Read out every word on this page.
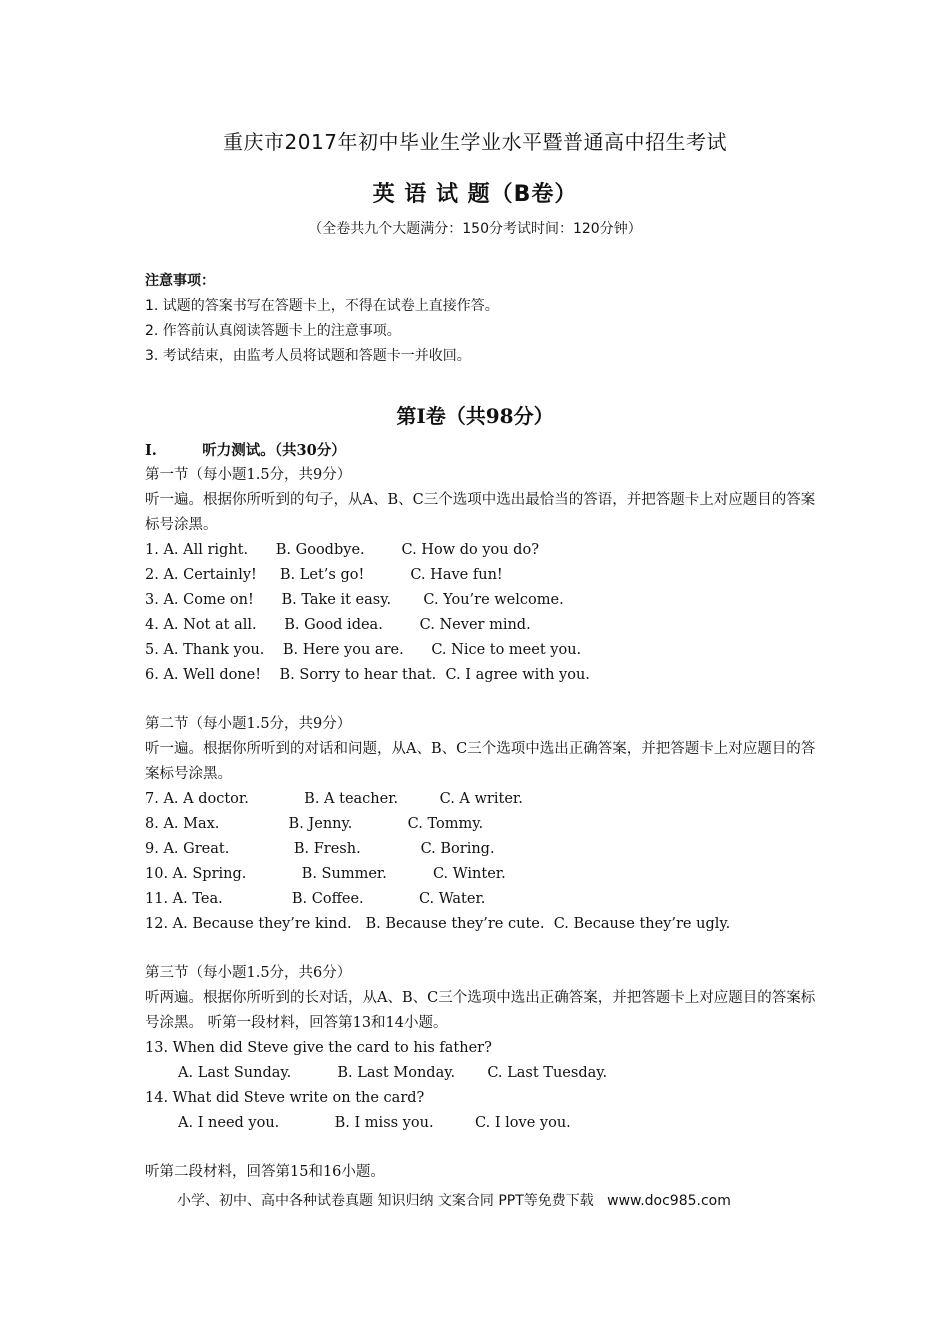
重庆市2017年初中毕业生学业水平暨普通高中招生考试
英 语 试 题（B卷）
（全卷共九个大题满分：150分考试时间：120分钟）
注意事项：
1. 试题的答案书写在答题卡上，不得在试卷上直接作答。
2. 作答前认真阅读答题卡上的注意事项。
3. 考试结束，由监考人员将试题和答题卡一并收回。
第I卷（共98分）
I.         听力测试。（共30分）
第一节（每小题1.5分，共9分）
听一遍。根据你所听到的句子，从A、B、C三个选项中选出最恰当的答语，并把答题卡上对应题目的答案标号涂黑。
1. A. All right.      B. Goodbye.        C. How do you do?
2. A. Certainly!     B. Let’s go!          C. Have fun!
3. A. Come on!      B. Take it easy.       C. You’re welcome.
4. A. Not at all.      B. Good idea.        C. Never mind.
5. A. Thank you.    B. Here you are.      C. Nice to meet you.
6. A. Well done!    B. Sorry to hear that.  C. I agree with you.
第二节（每小题1.5分，共9分）
听一遍。根据你所听到的对话和问题，从A、B、C三个选项中选出正确答案，并把答题卡上对应题目的答案标号涂黑。
7. A. A doctor.            B. A teacher.         C. A writer.
8. A. Max.               B. Jenny.            C. Tommy.
9. A. Great.              B. Fresh.             C. Boring.
10. A. Spring.            B. Summer.          C. Winter.
11. A. Tea.               B. Coffee.            C. Water.
12. A. Because they’re kind.   B. Because they’re cute.  C. Because they’re ugly.
第三节（每小题1.5分，共6分）
听两遍。根据你所听到的长对话，从A、B、C三个选项中选出正确答案，并把答题卡上对应题目的答案标号涂黑。 听第一段材料，回答第13和14小题。
13. When did Steve give the card to his father?
A. Last Sunday.          B. Last Monday.       C. Last Tuesday.
14. What did Steve write on the card?
A. I need you.            B. I miss you.         C. I love you.
听第二段材料，回答第15和16小题。
小学、初中、高中各种试卷真题 知识归纳 文案合同 PPT等免费下载   www.doc985.com
